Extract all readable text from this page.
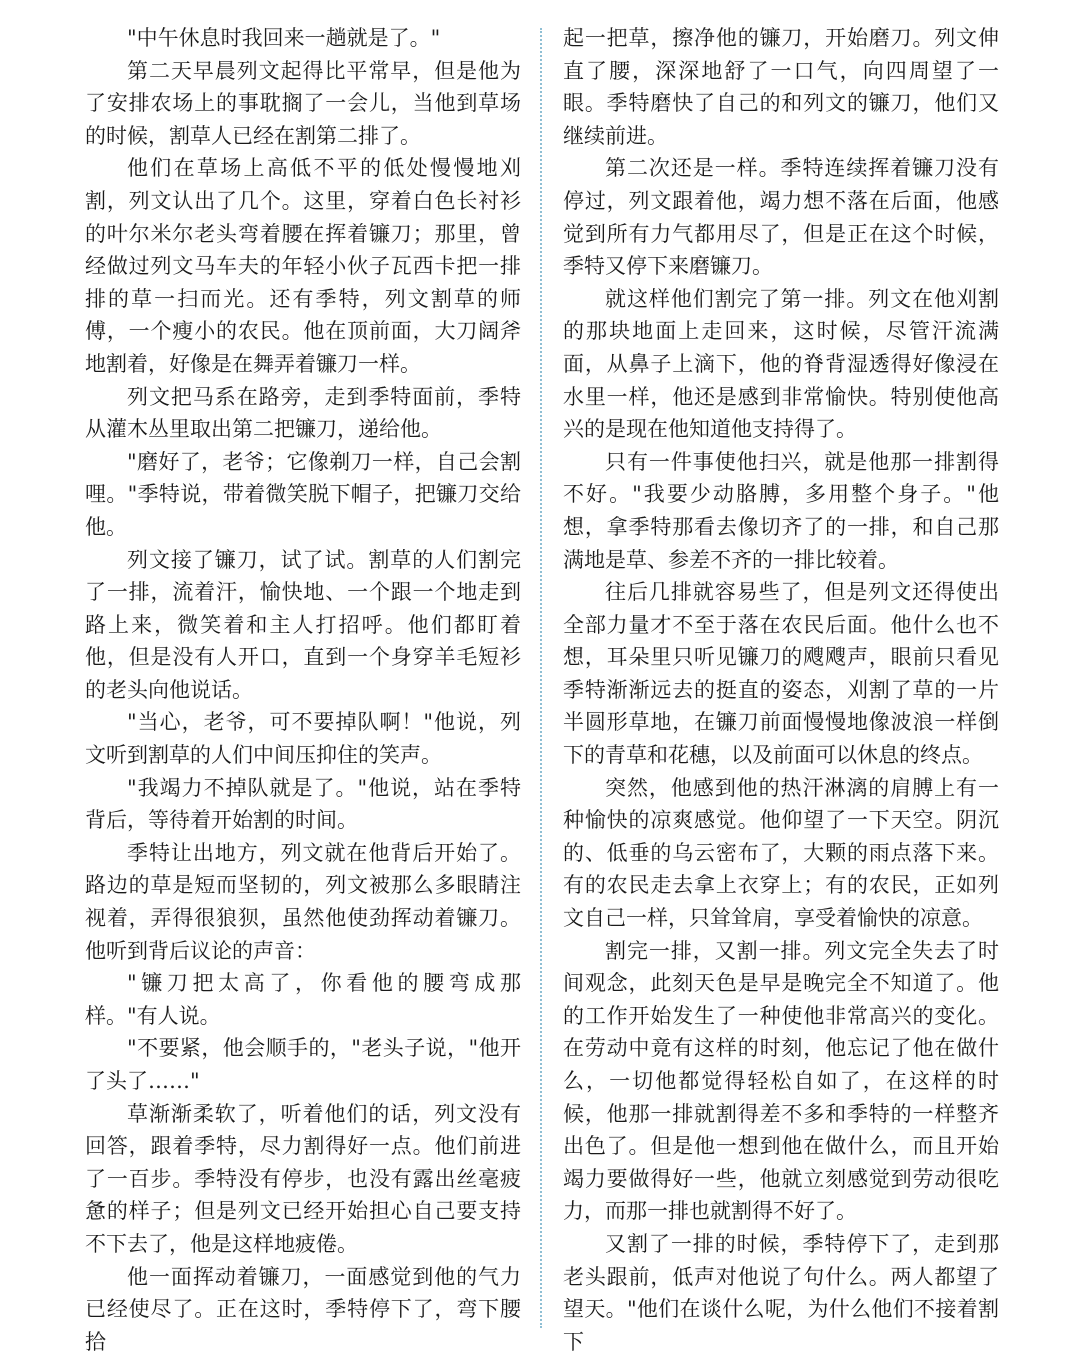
"中午休息时我回来一趟就是了。"

第二天早晨列文起得比平常早，但是他为了安排农场上的事耽搁了一会儿，当他到草场的时候，割草人已经在割第二排了。

他们在草场上高低不平的低处慢慢地刈割，列文认出了几个。这里，穿着白色长衬衫的叶尔米尔老头弯着腰在挥着镰刀；那里，曾经做过列文马车夫的年轻小伙子瓦西卡把一排排的草一扫而光。还有季特，列文割草的师傅，一个瘦小的农民。他在顶前面，大刀阔斧地割着，好像是在舞弄着镰刀一样。

列文把马系在路旁，走到季特面前，季特从灌木丛里取出第二把镰刀，递给他。

"磨好了，老爷；它像剃刀一样，自己会割哩。"季特说，带着微笑脱下帽子，把镰刀交给他。

列文接了镰刀，试了试。割草的人们割完了一排，流着汗，愉快地、一个跟一个地走到路上来，微笑着和主人打招呼。他们都盯着他，但是没有人开口，直到一个身穿羊毛短衫的老头向他说话。

"当心，老爷，可不要掉队啊！"他说，列文听到割草的人们中间压抑住的笑声。

"我竭力不掉队就是了。"他说，站在季特背后，等待着开始割的时间。

季特让出地方，列文就在他背后开始了。路边的草是短而坚韧的，列文被那么多眼睛注视着，弄得很狼狈，虽然他使劲挥动着镰刀。他听到背后议论的声音：

"镰刀把太高了，你看他的腰弯成那样。"有人说。

"不要紧，他会顺手的，"老头子说，"他开了头了……"

草渐渐柔软了，听着他们的话，列文没有回答，跟着季特，尽力割得好一点。他们前进了一百步。季特没有停步，也没有露出丝毫疲惫的样子；但是列文已经开始担心自己要支持不下去了，他是这样地疲倦。

他一面挥动着镰刀，一面感觉到他的气力已经使尽了。正在这时，季特停下了，弯下腰拾

起一把草，擦净他的镰刀，开始磨刀。列文伸直了腰，深深地舒了一口气，向四周望了一眼。季特磨快了自己的和列文的镰刀，他们又继续前进。

第二次还是一样。季特连续挥着镰刀没有停过，列文跟着他，竭力想不落在后面，他感觉到所有力气都用尽了，但是正在这个时候，季特又停下来磨镰刀。

就这样他们割完了第一排。列文在他刈割的那块地面上走回来，这时候，尽管汗流满面，从鼻子上滴下，他的脊背湿透得好像浸在水里一样，他还是感到非常愉快。特别使他高兴的是现在他知道他支持得了。

只有一件事使他扫兴，就是他那一排割得不好。"我要少动胳膊，多用整个身子。"他想，拿季特那看去像切齐了的一排，和自己那满地是草、参差不齐的一排比较着。

往后几排就容易些了，但是列文还得使出全部力量才不至于落在农民后面。他什么也不想，耳朵里只听见镰刀的飕飕声，眼前只看见季特渐渐远去的挺直的姿态，刈割了草的一片半圆形草地，在镰刀前面慢慢地像波浪一样倒下的青草和花穗，以及前面可以休息的终点。

突然，他感到他的热汗淋漓的肩膊上有一种愉快的凉爽感觉。他仰望了一下天空。阴沉的、低垂的乌云密布了，大颗的雨点落下来。有的农民走去拿上衣穿上；有的农民，正如列文自己一样，只耸耸肩，享受着愉快的凉意。

割完一排，又割一排。列文完全失去了时间观念，此刻天色是早是晚完全不知道了。他的工作开始发生了一种使他非常高兴的变化。在劳动中竟有这样的时刻，他忘记了他在做什么，一切他都觉得轻松自如了，在这样的时候，他那一排就割得差不多和季特的一样整齐出色了。但是他一想到他在做什么，而且开始竭力要做得好一些，他就立刻感觉到劳动很吃力，而那一排也就割得不好了。

又割了一排的时候，季特停下了，走到那老头跟前，低声对他说了句什么。两人都望了望天。"他们在谈什么呢，为什么他们不接着割下
